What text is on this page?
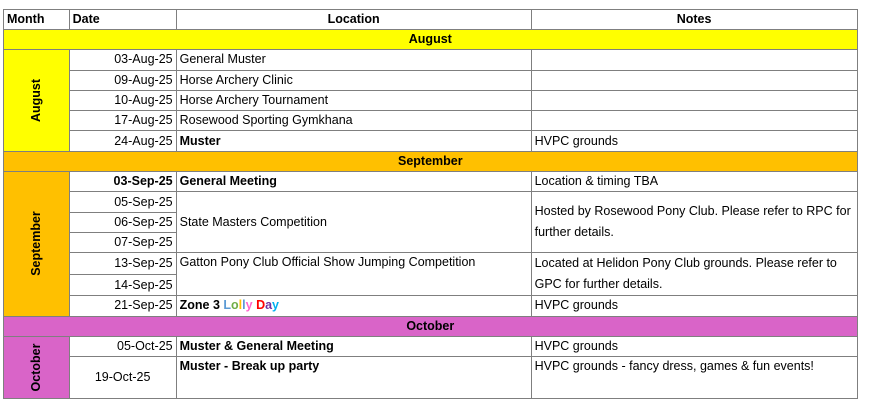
Month	Date	Location	Notes
August			

August	03-Aug-25	General Muster	
	09-Aug-25	Horse Archery Clinic	
	10-Aug-25	Horse Archery Tournament	
	17-Aug-25	Rosewood Sporting Gymkhana	
	24-Aug-25	Muster	HVPC grounds
September			

September	03-Sep-25	General Meeting	Location & timing TBA
	05-Sep-25	State Masters Competition	Hosted by Rosewood Pony Club. Please refer to RPC for further details.
	06-Sep-25		
	07-Sep-25		
	13-Sep-25	Gatton Pony Club Official Show Jumping Competition	Located at Helidon Pony Club grounds. Please refer to GPC for further details.
	14-Sep-25		
	21-Sep-25	Zone 3 Lolly Day	HVPC grounds
October			

October	05-Oct-25	Muster & General Meeting	HVPC grounds
	19-Oct-25	Muster - Break up party	HVPC grounds - fancy dress, games & fun events!
